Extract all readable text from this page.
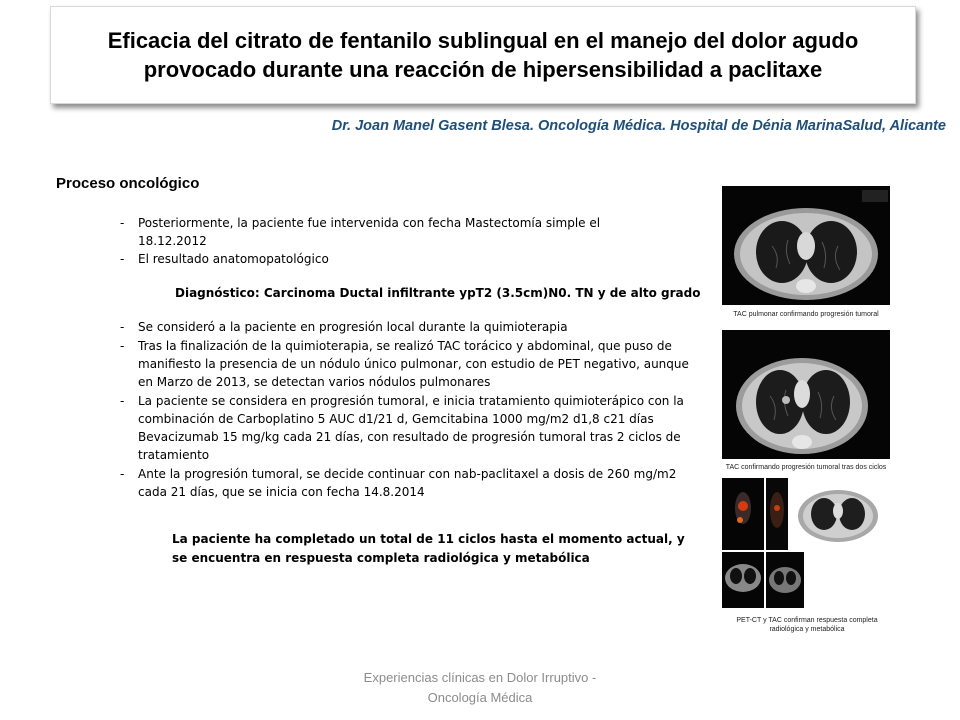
Eficacia del citrato de fentanilo sublingual en el manejo del dolor agudo provocado durante una reacción de hipersensibilidad a paclitaxe
Dr. Joan Manel Gasent Blesa. Oncología Médica. Hospital de Dénia MarinaSalud, Alicante
Proceso oncológico
-	Posteriormente, la paciente fue intervenida con fecha Mastectomía simple el 18.12.2012
-	El resultado anatomopatológico
Diagnóstico: Carcinoma Ductal infiltrante ypT2 (3.5cm)N0. TN y de alto grado
-	Se consideró a la paciente en progresión local durante la quimioterapia
-	Tras la finalización de la quimioterapia, se realizó TAC torácico y abdominal, que puso de manifiesto la presencia de un nódulo único pulmonar, con estudio de PET negativo, aunque en Marzo de 2013, se detectan varios nódulos pulmonares
-	La paciente se considera en progresión tumoral, e inicia tratamiento quimioterápico con la combinación de Carboplatino 5 AUC d1/21 d, Gemcitabina 1000 mg/m2 d1,8 c21 días Bevacizumab 15 mg/kg cada 21 días, con resultado de progresión tumoral tras 2 ciclos de tratamiento
-	Ante la progresión tumoral, se decide continuar con nab-paclitaxel a dosis de 260 mg/m2 cada 21 días, que se inicia con fecha 14.8.2014
La paciente ha completado un total de 11 ciclos hasta el momento actual, y se encuentra en respuesta completa radiológica y metabólica
TAC pulmonar confirmando progresión tumoral
TAC confirmando progresión tumoral tras dos ciclos
PET-CT y TAC confirman respuesta completa radiológica y metabólica
Experiencias clínicas en Dolor Irruptivo -
Oncología Médica
